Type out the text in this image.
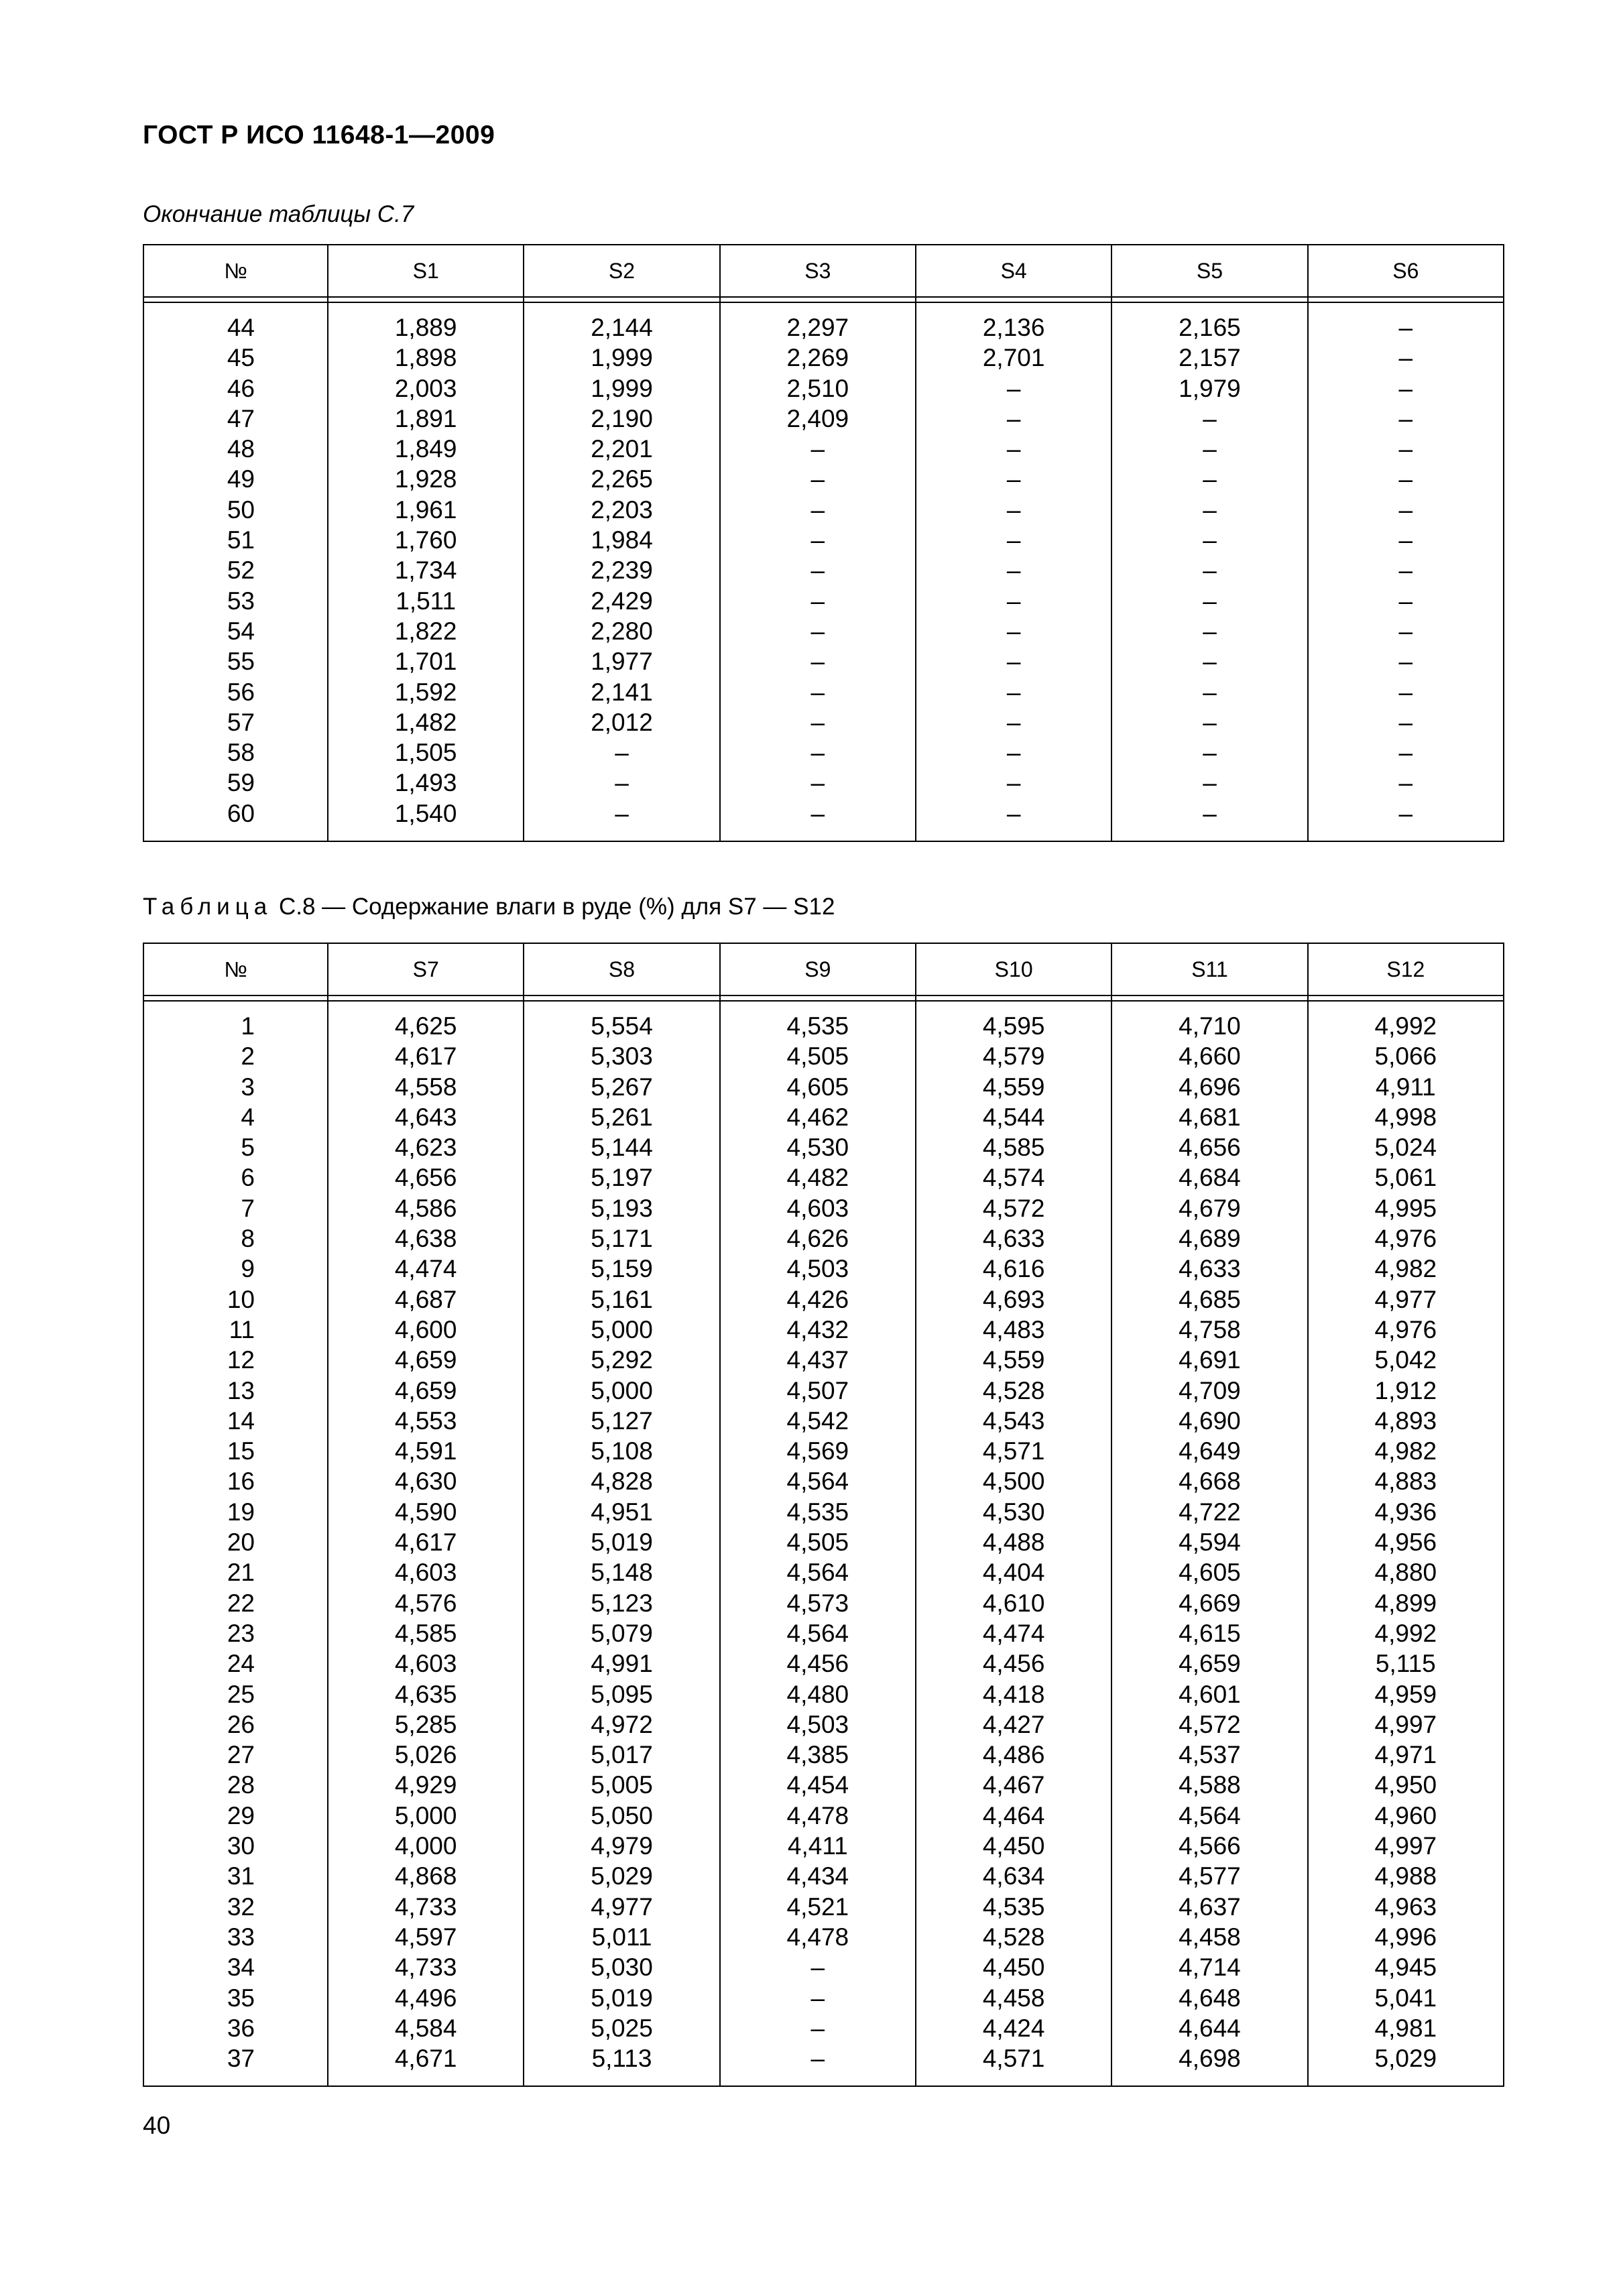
ГОСТ Р ИСО 11648-1—2009
Окончание таблицы С.7
№	S1	S2	S3	S4	S5	S6

44	1,889	2,144	2,297	2,136	2,165	–
45	1,898	1,999	2,269	2,701	2,157	–
46	2,003	1,999	2,510	–	1,979	–
47	1,891	2,190	2,409	–	–	–
48	1,849	2,201	–	–	–	–
49	1,928	2,265	–	–	–	–
50	1,961	2,203	–	–	–	–
51	1,760	1,984	–	–	–	–
52	1,734	2,239	–	–	–	–
53	1,511	2,429	–	–	–	–
54	1,822	2,280	–	–	–	–
55	1,701	1,977	–	–	–	–
56	1,592	2,141	–	–	–	–
57	1,482	2,012	–	–	–	–
58	1,505	–	–	–	–	–
59	1,493	–	–	–	–	–
60	1,540	–	–	–	–	–
Таблица С.8 — Содержание влаги в руде (%) для S7 — S12
№	S7	S8	S9	S10	S11	S12

1	4,625	5,554	4,535	4,595	4,710	4,992
2	4,617	5,303	4,505	4,579	4,660	5,066
3	4,558	5,267	4,605	4,559	4,696	4,911
4	4,643	5,261	4,462	4,544	4,681	4,998
5	4,623	5,144	4,530	4,585	4,656	5,024
6	4,656	5,197	4,482	4,574	4,684	5,061
7	4,586	5,193	4,603	4,572	4,679	4,995
8	4,638	5,171	4,626	4,633	4,689	4,976
9	4,474	5,159	4,503	4,616	4,633	4,982
10	4,687	5,161	4,426	4,693	4,685	4,977
11	4,600	5,000	4,432	4,483	4,758	4,976
12	4,659	5,292	4,437	4,559	4,691	5,042
13	4,659	5,000	4,507	4,528	4,709	1,912
14	4,553	5,127	4,542	4,543	4,690	4,893
15	4,591	5,108	4,569	4,571	4,649	4,982
16	4,630	4,828	4,564	4,500	4,668	4,883
19	4,590	4,951	4,535	4,530	4,722	4,936
20	4,617	5,019	4,505	4,488	4,594	4,956
21	4,603	5,148	4,564	4,404	4,605	4,880
22	4,576	5,123	4,573	4,610	4,669	4,899
23	4,585	5,079	4,564	4,474	4,615	4,992
24	4,603	4,991	4,456	4,456	4,659	5,115
25	4,635	5,095	4,480	4,418	4,601	4,959
26	5,285	4,972	4,503	4,427	4,572	4,997
27	5,026	5,017	4,385	4,486	4,537	4,971
28	4,929	5,005	4,454	4,467	4,588	4,950
29	5,000	5,050	4,478	4,464	4,564	4,960
30	4,000	4,979	4,411	4,450	4,566	4,997
31	4,868	5,029	4,434	4,634	4,577	4,988
32	4,733	4,977	4,521	4,535	4,637	4,963
33	4,597	5,011	4,478	4,528	4,458	4,996
34	4,733	5,030	–	4,450	4,714	4,945
35	4,496	5,019	–	4,458	4,648	5,041
36	4,584	5,025	–	4,424	4,644	4,981
37	4,671	5,113	–	4,571	4,698	5,029
40
